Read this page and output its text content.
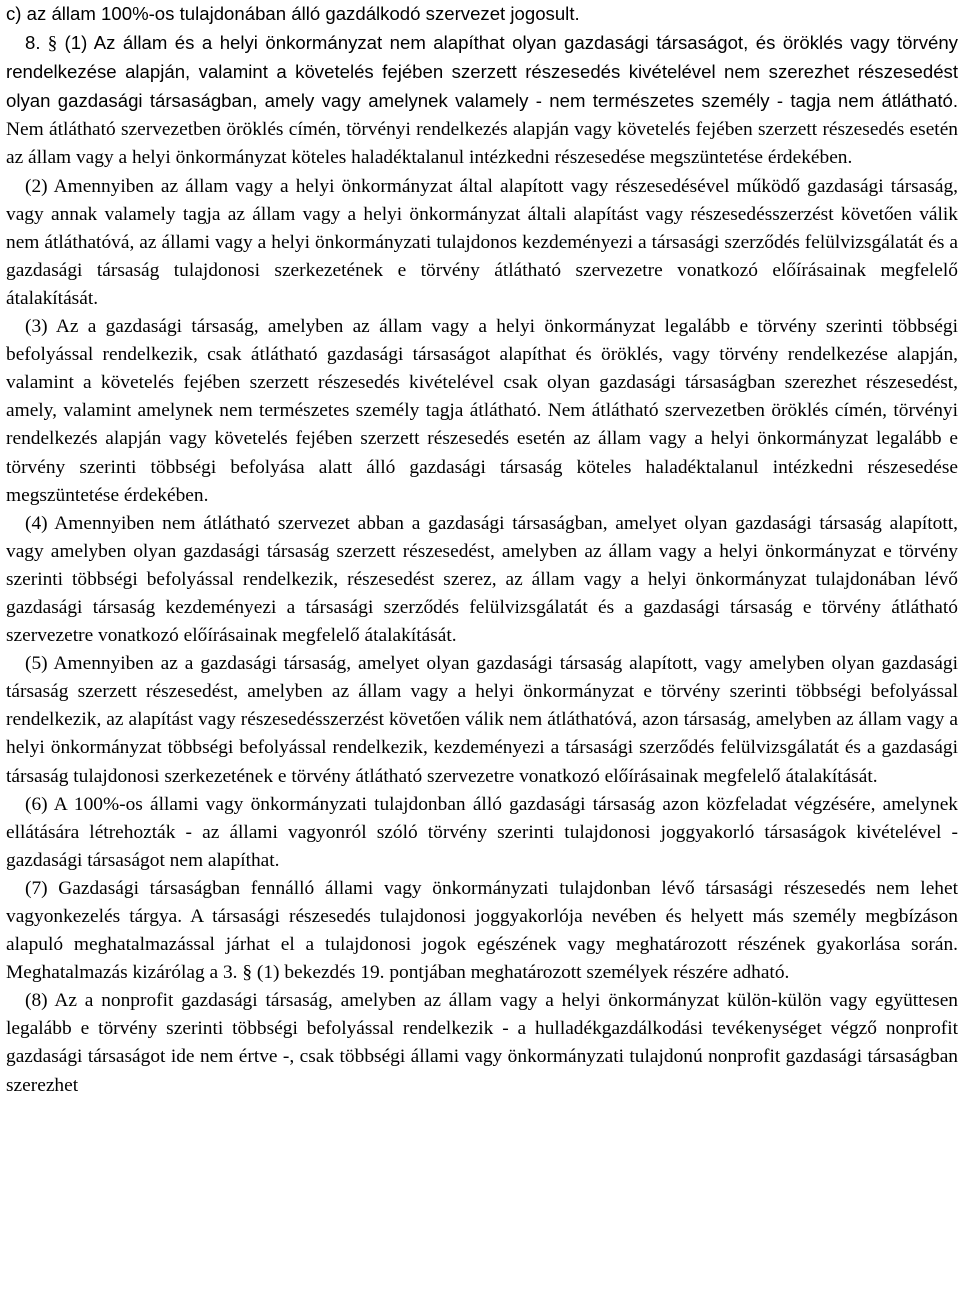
c) az állam 100%-os tulajdonában álló gazdálkodó szervezet jogosult.

8. § (1) Az állam és a helyi önkormányzat nem alapíthat olyan gazdasági társaságot, és öröklés vagy törvény rendelkezése alapján, valamint a követelés fejében szerzett részesedés kivételével nem szerezhet részesedést olyan gazdasági társaságban, amely vagy amelynek valamely - nem természetes személy - tagja nem átlátható. Nem átlátható szervezetben öröklés címén, törvényi rendelkezés alapján vagy követelés fejében szerzett részesedés esetén az állam vagy a helyi önkormányzat köteles haladéktalanul intézkedni részesedése megszüntetése érdekében.

(2) Amennyiben az állam vagy a helyi önkormányzat által alapított vagy részesedésével működő gazdasági társaság, vagy annak valamely tagja az állam vagy a helyi önkormányzat általi alapítást vagy részesedésszerzést követően válik nem átláthatóvá, az állami vagy a helyi önkormányzati tulajdonos kezdeményezi a társasági szerződés felülvizsgálatát és a gazdasági társaság tulajdonosi szerkezetének e törvény átlátható szervezetre vonatkozó előírásainak megfelelő átalakítását.

(3) Az a gazdasági társaság, amelyben az állam vagy a helyi önkormányzat legalább e törvény szerinti többségi befolyással rendelkezik, csak átlátható gazdasági társaságot alapíthat és öröklés, vagy törvény rendelkezése alapján, valamint a követelés fejében szerzett részesedés kivételével csak olyan gazdasági társaságban szerezhet részesedést, amely, valamint amelynek nem természetes személy tagja átlátható. Nem átlátható szervezetben öröklés címén, törvényi rendelkezés alapján vagy követelés fejében szerzett részesedés esetén az állam vagy a helyi önkormányzat legalább e törvény szerinti többségi befolyása alatt álló gazdasági társaság köteles haladéktalanul intézkedni részesedése megszüntetése érdekében.

(4) Amennyiben nem átlátható szervezet abban a gazdasági társaságban, amelyet olyan gazdasági társaság alapított, vagy amelyben olyan gazdasági társaság szerzett részesedést, amelyben az állam vagy a helyi önkormányzat e törvény szerinti többségi befolyással rendelkezik, részesedést szerez, az állam vagy a helyi önkormányzat tulajdonában lévő gazdasági társaság kezdeményezi a társasági szerződés felülvizsgálatát és a gazdasági társaság e törvény átlátható szervezetre vonatkozó előírásainak megfelelő átalakítását.

(5) Amennyiben az a gazdasági társaság, amelyet olyan gazdasági társaság alapított, vagy amelyben olyan gazdasági társaság szerzett részesedést, amelyben az állam vagy a helyi önkormányzat e törvény szerinti többségi befolyással rendelkezik, az alapítást vagy részesedésszerzést követően válik nem átláthatóvá, azon társaság, amelyben az állam vagy a helyi önkormányzat többségi befolyással rendelkezik, kezdeményezi a társasági szerződés felülvizsgálatát és a gazdasági társaság tulajdonosi szerkezetének e törvény átlátható szervezetre vonatkozó előírásainak megfelelő átalakítását.

(6) A 100%-os állami vagy önkormányzati tulajdonban álló gazdasági társaság azon közfeladat végzésére, amelynek ellátására létrehozták - az állami vagyonról szóló törvény szerinti tulajdonosi joggyakorló társaságok kivételével - gazdasági társaságot nem alapíthat.

(7) Gazdasági társaságban fennálló állami vagy önkormányzati tulajdonban lévő társasági részesedés nem lehet vagyonkezelés tárgya. A társasági részesedés tulajdonosi joggyakorlója nevében és helyett más személy megbízáson alapuló meghatalmazással járhat el a tulajdonosi jogok egészének vagy meghatározott részének gyakorlása során. Meghatalmazás kizárólag a 3. § (1) bekezdés 19. pontjában meghatározott személyek részére adható.

(8) Az a nonprofit gazdasági társaság, amelyben az állam vagy a helyi önkormányzat külön-külön vagy együttesen legalább e törvény szerinti többségi befolyással rendelkezik - a hulladékgazdálkodási tevékenységet végző nonprofit gazdasági társaságot ide nem értve -, csak többségi állami vagy önkormányzati tulajdonú nonprofit gazdasági társaságban szerezhet
